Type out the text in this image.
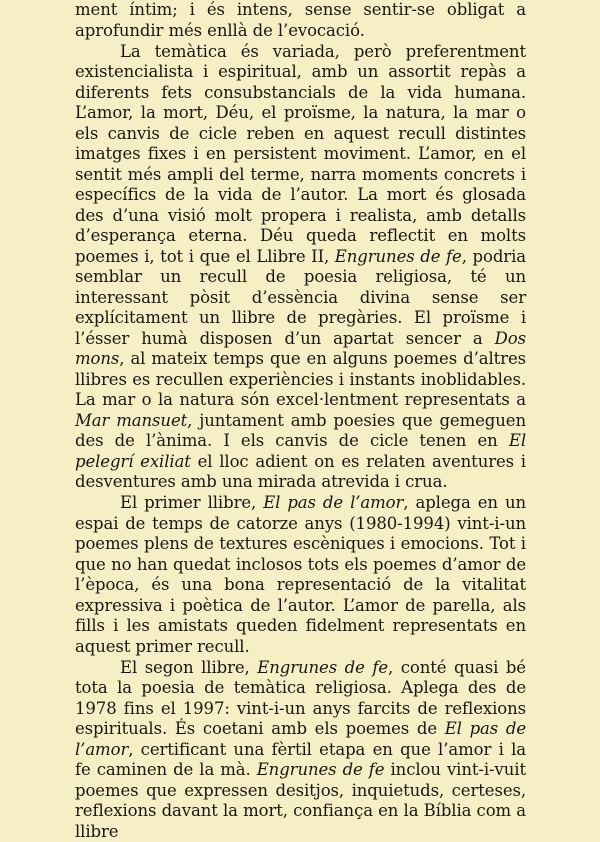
ment íntim; i és intens, sense sentir-se obligat a aprofundir més enllà de l’evocació.

La temàtica és variada, però preferentment existencialista i espiritual, amb un assortit repàs a diferents fets consubstancials de la vida humana. L’amor, la mort, Déu, el proïsme, la natura, la mar o els canvis de cicle reben en aquest recull distintes imatges fixes i en persistent moviment. L’amor, en el sentit més ampli del terme, narra moments concrets i específics de la vida de l’autor. La mort és glosada des d’una visió molt propera i realista, amb detalls d’esperança eterna. Déu queda reflectit en molts poemes i, tot i que el Llibre II, Engrunes de fe, podria semblar un recull de poesia religiosa, té un interessant pòsit d’essència divina sense ser explícitament un llibre de pregàries. El proïsme i l’ésser humà disposen d’un apartat sencer a Dos mons, al mateix temps que en alguns poemes d’altres llibres es recullen experiències i instants inoblidables. La mar o la natura són excel·lentment representats a Mar mansuet, juntament amb poesies que gemeguen des de l’ànima. I els canvis de cicle tenen en El pelegrí exiliat el lloc adient on es relaten aventures i desventures amb una mirada atrevida i crua.

El primer llibre, El pas de l’amor, aplega en un espai de temps de catorze anys (1980-1994) vint-i-un poemes plens de textures escèniques i emocions. Tot i que no han quedat inclosos tots els poemes d’amor de l’època, és una bona representació de la vitalitat expressiva i poètica de l’autor. L’amor de parella, als fills i les amistats queden fidelment representats en aquest primer recull.

El segon llibre, Engrunes de fe, conté quasi bé tota la poesia de temàtica religiosa. Aplega des de 1978 fins el 1997: vint-i-un anys farcits de reflexions espirituals. És coetani amb els poemes de El pas de l’amor, certificant una fèrtil etapa en que l’amor i la fe caminen de la mà. Engrunes de fe inclou vint-i-vuit poemes que expressen desitjos, inquietuds, certeses, reflexions davant la mort, confiança en la Bíblia com a llibre
